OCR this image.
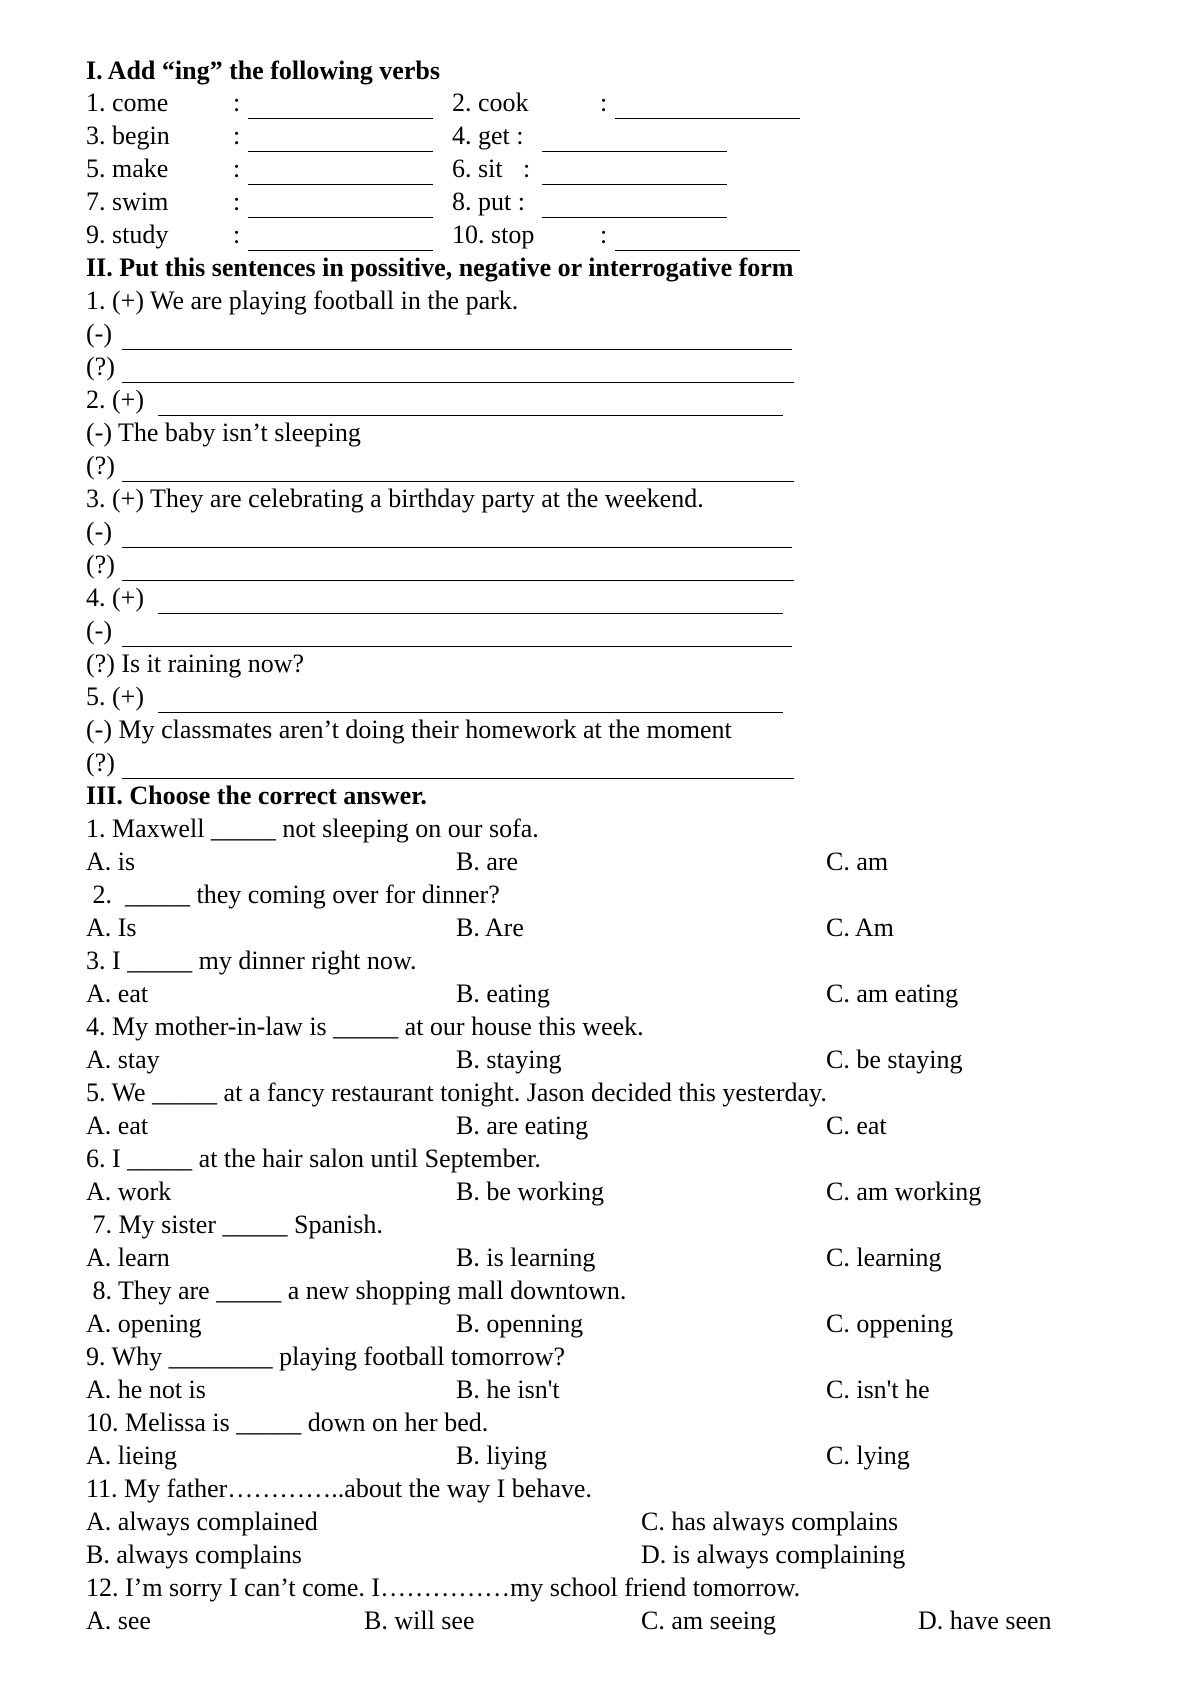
I. Add “ing” the following verbs
1. come :	2. cook	:
3. begin :	4. get :
5. make :	6. sit :
7. swim :	8. put :
9. study :	10. stop	:
II. Put this sentences in possitive, negative or interrogative form
1. (+) We are playing football in the park.
(-)
(?)
2. (+)
(-) The baby isn’t sleeping
(?)
3. (+) They are celebrating a birthday party at the weekend.
(-)
(?)
4. (+)
(-)
(?) Is it raining now?
5. (+)
(-) My classmates aren’t doing their homework at the moment
(?)
III. Choose the correct answer.
1. Maxwell _____ not sleeping on our sofa.
A. is	B. are	C. am
2.  _____ they coming over for dinner?
A. Is	B. Are	C. Am
3. I _____ my dinner right now.
A. eat	B. eating	C. am eating
4. My mother-in-law is _____ at our house this week.
A. stay	B. staying	C. be staying
5. We _____ at a fancy restaurant tonight. Jason decided this yesterday.
A. eat	B. are eating	C. eat
6. I _____ at the hair salon until September.
A. work	B. be working	C. am working
7. My sister _____ Spanish.
A. learn	B. is learning	C. learning
8. They are _____ a new shopping mall downtown.
A. opening	B. openning	C. oppening
9. Why ________ playing football tomorrow?
A. he not is	B. he isn't	C. isn't he
10. Melissa is _____ down on her bed.
A. lieing	B. liying	C. lying
11. My father…………..about the way I behave.
A. always complained	C. has always complains
B. always complains	D. is always complaining
12. I’m sorry I can’t come. I……………my school friend tomorrow.
A. see	B. will see	C. am seeing	D. have seen
